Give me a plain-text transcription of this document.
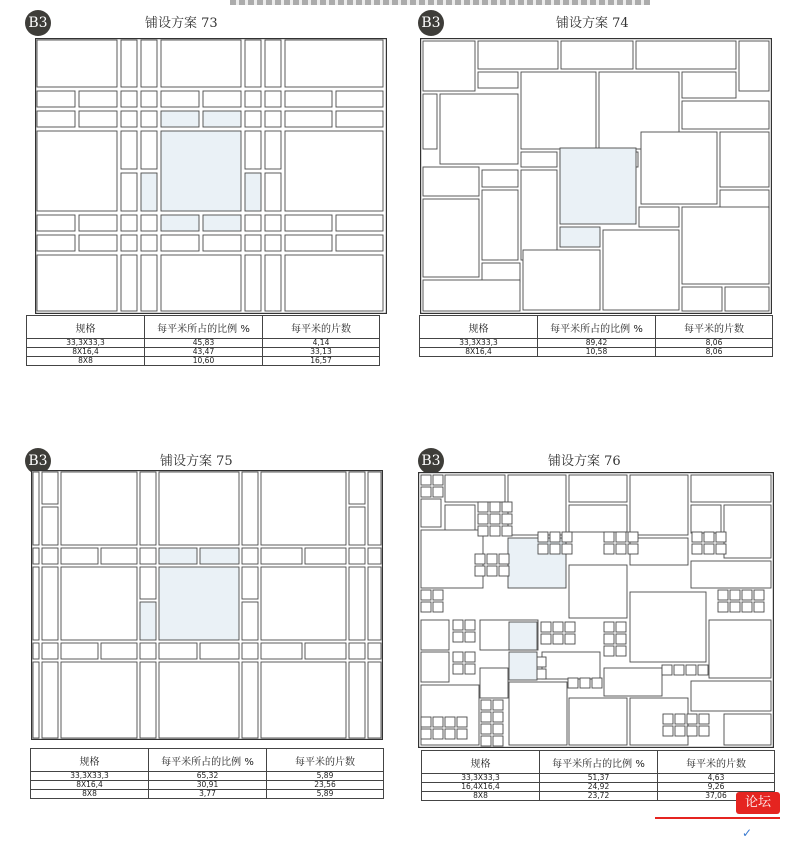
B3	铺设方案 73
规格	每平米所占的比例 %	每平米的片数
33,3X33,3	45,83	4,14
8X16,4	43,47	33,13
8X8	10,60	16,57
B3	铺设方案 74
规格	每平米所占的比例 %	每平米的片数
33,3X33,3	89,42	8,06
8X16,4	10,58	8,06
B3	铺设方案 75
规格	每平米所占的比例 %	每平米的片数
33,3X33,3	65,32	5,89
8X16,4	30,91	23,56
8X8	3,77	5,89
B3	铺设方案 76
规格	每平米所占的比例 %	每平米的片数
33,3X33,3	51,37	4,63
16,4X16,4	24,92	9,26
8X8	23,72	37,06	论坛
✓
